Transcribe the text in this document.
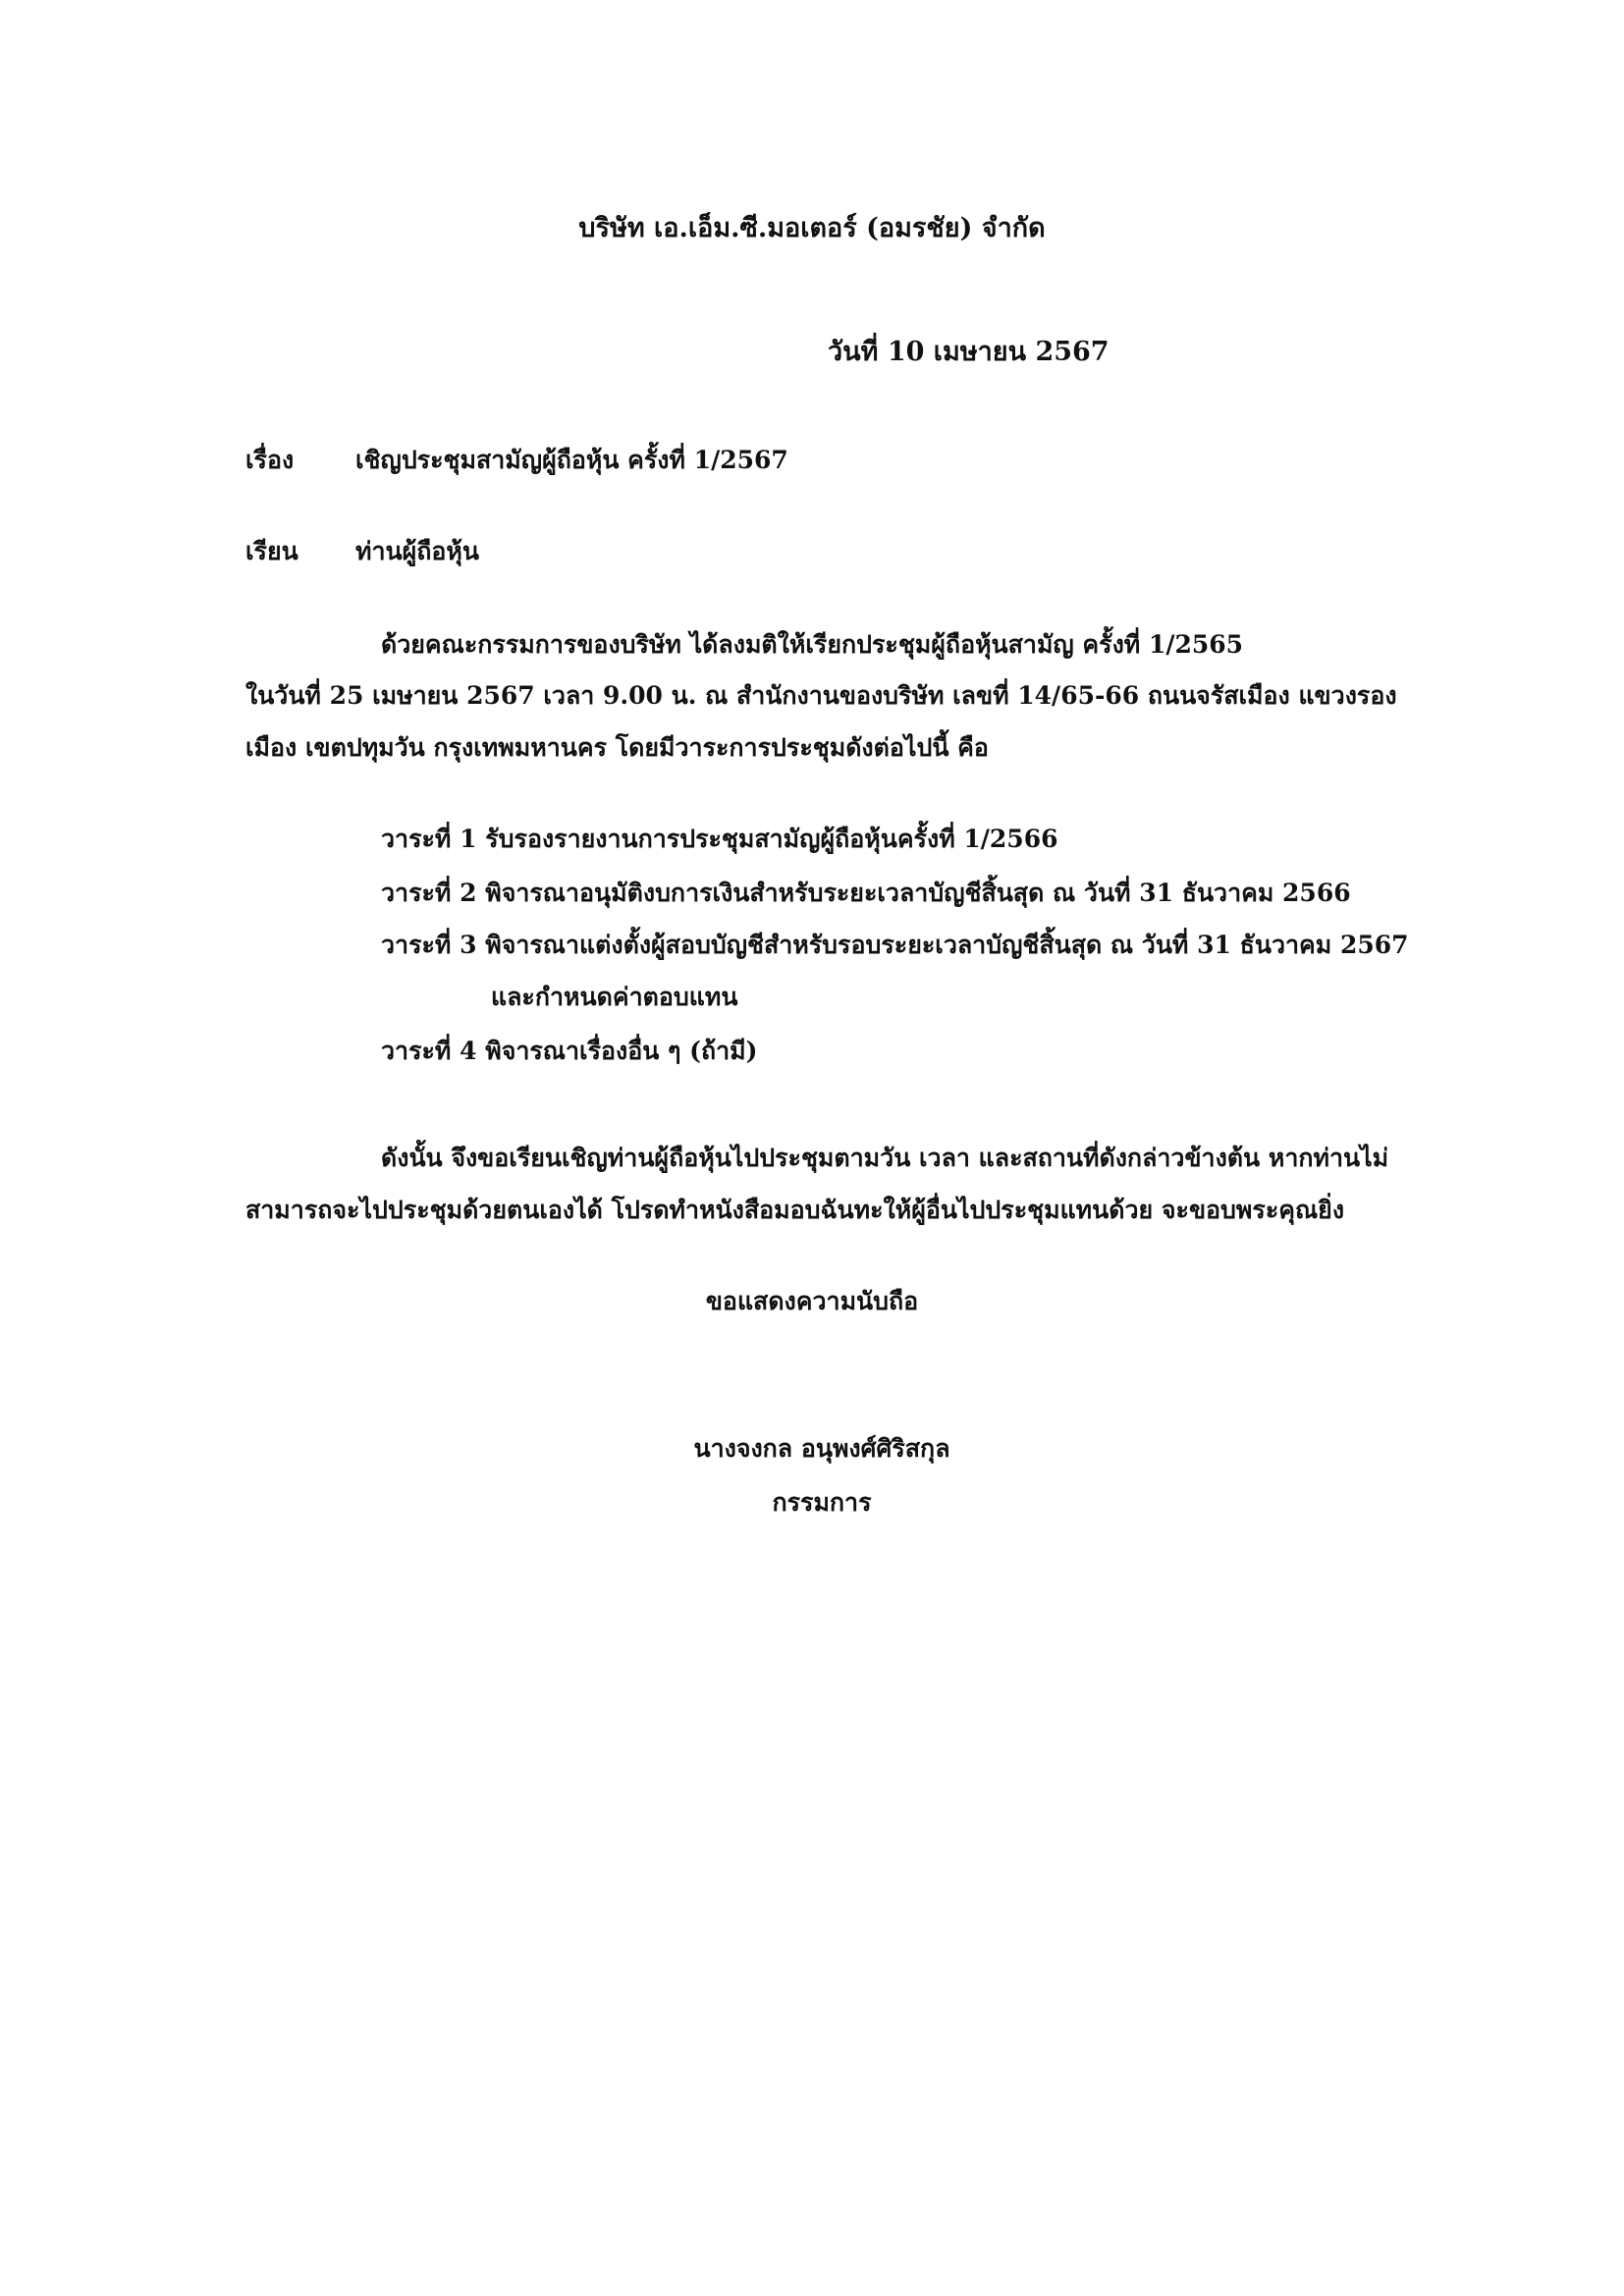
บริษัท เอ.เอ็ม.ซี.มอเตอร์ (อมรชัย) จำกัด
วันที่ 10 เมษายน 2567
เรื่อง	เชิญประชุมสามัญผู้ถือหุ้น ครั้งที่ 1/2567
เรียน ท่านผู้ถือหุ้น
ด้วยคณะกรรมการของบริษัท ได้ลงมติให้เรียกประชุมผู้ถือหุ้นสามัญ ครั้งที่ 1/2565
ในวันที่ 25 เมษายน 2567 เวลา 9.00 น. ณ สำนักงานของบริษัท เลขที่ 14/65-66 ถนนจรัสเมือง แขวงรอง
เมือง เขตปทุมวัน กรุงเทพมหานคร โดยมีวาระการประชุมดังต่อไปนี้ คือ
วาระที่ 1 รับรองรายงานการประชุมสามัญผู้ถือหุ้นครั้งที่ 1/2566
วาระที่ 2 พิจารณาอนุมัติงบการเงินสำหรับระยะเวลาบัญชีสิ้นสุด ณ วันที่ 31 ธันวาคม 2566
วาระที่ 3 พิจารณาแต่งตั้งผู้สอบบัญชีสำหรับรอบระยะเวลาบัญชีสิ้นสุด ณ วันที่ 31 ธันวาคม 2567
และกำหนดค่าตอบแทน
วาระที่ 4 พิจารณาเรื่องอื่น ๆ (ถ้ามี)
ดังนั้น จึงขอเรียนเชิญท่านผู้ถือหุ้นไปประชุมตามวัน เวลา และสถานที่ดังกล่าวข้างต้น หากท่านไม่
สามารถจะไปประชุมด้วยตนเองได้ โปรดทำหนังสือมอบฉันทะให้ผู้อื่นไปประชุมแทนด้วย จะขอบพระคุณยิ่ง
ขอแสดงความนับถือ
นางจงกล อนุพงศ์ศิริสกุล
กรรมการ
